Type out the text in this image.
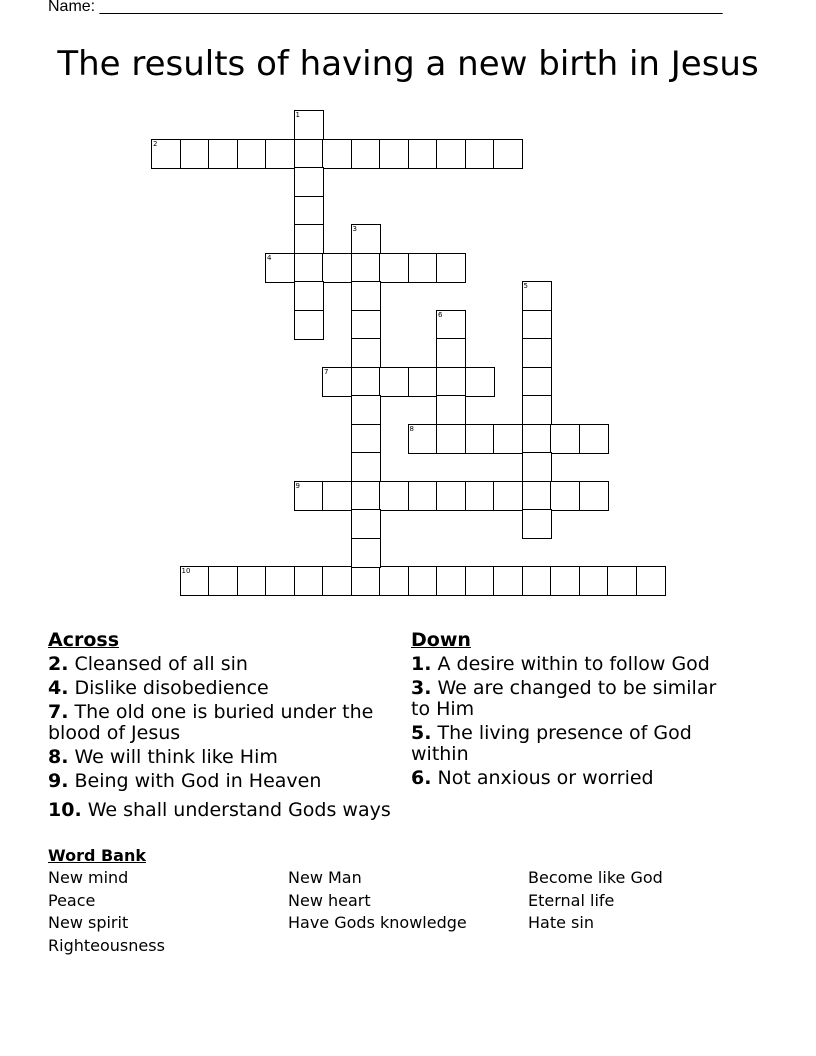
Name: ______________________________________________________________________
The results of having a new birth in Jesus
2
4
7
8
9
10
1
3
5
6
Across
2. Cleansed of all sin
4. Dislike disobedience
7. The old one is buried under the blood of Jesus
8. We will think like Him
9. Being with God in Heaven
10. We shall understand Gods ways
Down
1. A desire within to follow God
3. We are changed to be similar to Him
5. The living presence of God within
6. Not anxious or worried
Word Bank
New mind	New Man	Become like God
Peace	New heart	Eternal life
New spirit	Have Gods knowledge	Hate sin
Righteousness
